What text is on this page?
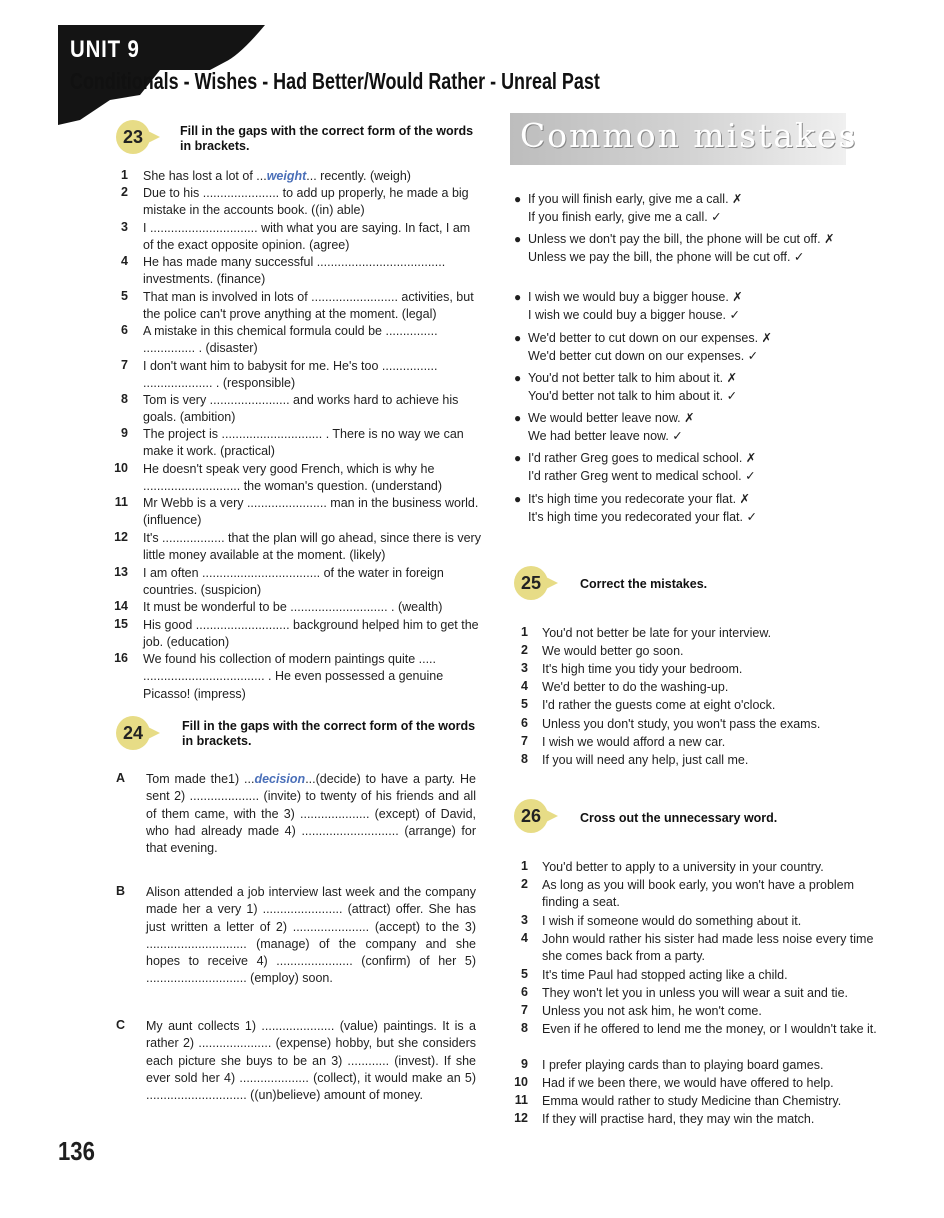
UNIT 9
Conditionals - Wishes - Had Better/Would Rather - Unreal Past
23	Fill in the gaps with the correct form of the words in brackets.
1 She has lost a lot of ...weight... recently. (weigh)
2 Due to his ...................... to add up properly, he made a big mistake in the accounts book. ((in) able)
3 I ............................... with what you are saying. In fact, I am of the exact opposite opinion. (agree)
4 He has made many successful ..................................... investments. (finance)
5 That man is involved in lots of ......................... activities, but the police can't prove anything at the moment. (legal)
6 A mistake in this chemical formula could be ............... ............... . (disaster)
7 I don't want him to babysit for me. He's too ................ .................... . (responsible)
8 Tom is very ....................... and works hard to achieve his goals. (ambition)
9 The project is ............................. . There is no way we can make it work. (practical)
10 He doesn't speak very good French, which is why he ............................ the woman's question. (understand)
11 Mr Webb is a very ....................... man in the business world. (influence)
12 It's .................. that the plan will go ahead, since there is very little money available at the moment. (likely)
13 I am often .................................. of the water in foreign countries. (suspicion)
14 It must be wonderful to be ............................ . (wealth)
15 His good ........................... background helped him to get the job. (education)
16 We found his collection of modern paintings quite ..... ................................... . He even possessed a genuine Picasso! (impress)
24	Fill in the gaps with the correct form of the words in brackets.
A	Tom made the1) ...decision...(decide) to have a party. He sent 2) .................... (invite) to twenty of his friends and all of them came, with the 3) .................... (except) of David, who had already made 4) ............................ (arrange) for that evening.
B	Alison attended a job interview last week and the company made her a very 1) ....................... (attract) offer. She has just written a letter of 2) ...................... (accept) to the 3) ............................. (manage) of the company and she hopes to receive 4) ...................... (confirm) of her 5) ............................. (employ) soon.
C	My aunt collects 1) ..................... (value) paintings. It is a rather 2) ..................... (expense) hobby, but she considers each picture she buys to be an 3) ............ (invest). If she ever sold her 4) .................... (collect), it would make an 5) ............................. ((un)believe) amount of money.
Common mistakes
● If you will finish early, give me a call. ✗
If you finish early, give me a call. ✓
● Unless we don't pay the bill, the phone will be cut off. ✗
Unless we pay the bill, the phone will be cut off. ✓
● I wish we would buy a bigger house. ✗
I wish we could buy a bigger house. ✓
● We'd better to cut down on our expenses. ✗
We'd better cut down on our expenses. ✓
● You'd not better talk to him about it. ✗
You'd better not talk to him about it. ✓
● We would better leave now. ✗
We had better leave now. ✓
● I'd rather Greg goes to medical school. ✗
I'd rather Greg went to medical school. ✓
● It's high time you redecorate your flat. ✗
It's high time you redecorated your flat. ✓
25	Correct the mistakes.
1 You'd not better be late for your interview.
2 We would better go soon.
3 It's high time you tidy your bedroom.
4 We'd better to do the washing-up.
5 I'd rather the guests come at eight o'clock.
6 Unless you don't study, you won't pass the exams.
7 I wish we would afford a new car.
8 If you will need any help, just call me.
26	Cross out the unnecessary word.
1 You'd better to apply to a university in your country.
2 As long as you will book early, you won't have a problem finding a seat.
3 I wish if someone would do something about it.
4 John would rather his sister had made less noise every time she comes back from a party.
5 It's time Paul had stopped acting like a child.
6 They won't let you in unless you will wear a suit and tie.
7 Unless you not ask him, he won't come.
8 Even if he offered to lend me the money, or I wouldn't take it.
9 I prefer playing cards than to playing board games.
10 Had if we been there, we would have offered to help.
11 Emma would rather to study Medicine than Chemistry.
12 If they will practise hard, they may win the match.
136
